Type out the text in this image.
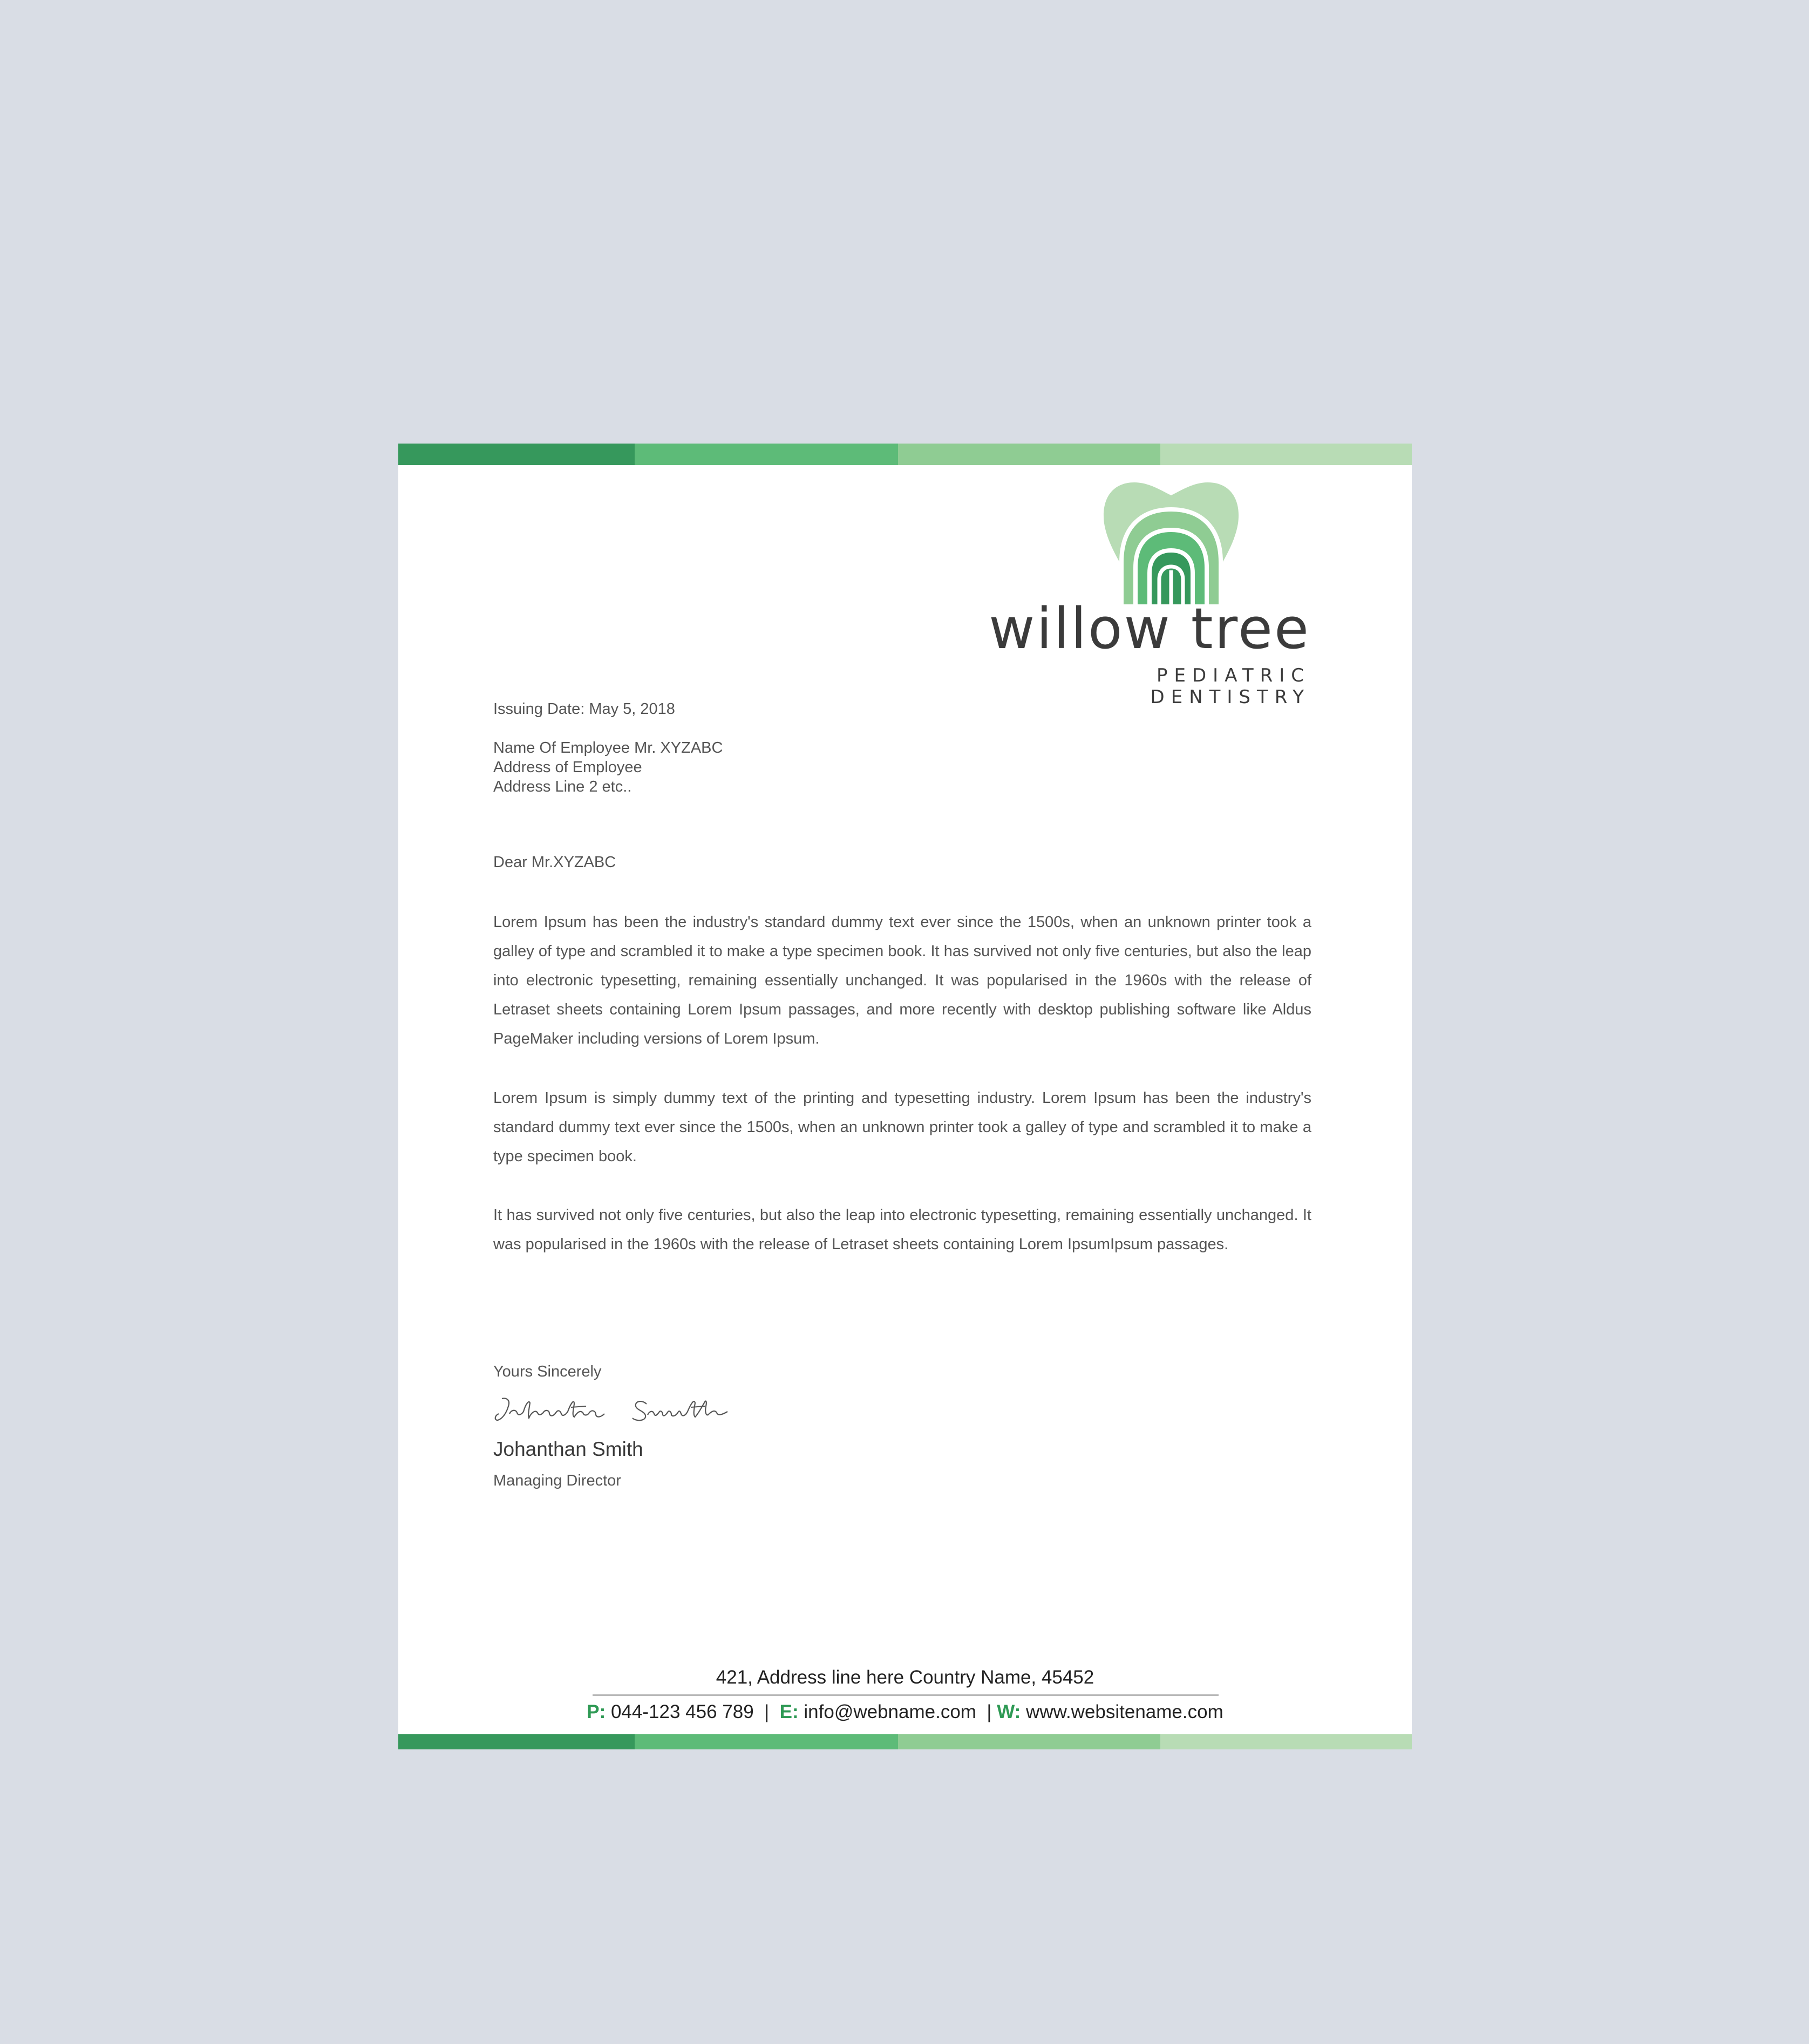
willow tree
PEDIATRIC DENTISTRY
Issuing Date: May 5, 2018
Name Of Employee Mr. XYZABC
Address of Employee
Address Line 2 etc..
Dear Mr.XYZABC
Lorem Ipsum has been the industry's standard dummy text ever since the 1500s, when an unknown printer took a galley of type and scrambled it to make a type specimen book. It has survived not only five centuries, but also the leap into electronic typesetting, remaining essentially unchanged. It was popularised in the 1960s with the release of Letraset sheets containing Lorem Ipsum passages, and more recently with desktop publishing software like Aldus PageMaker including versions of Lorem Ipsum.
Lorem Ipsum is simply dummy text of the printing and typesetting industry. Lorem Ipsum has been the industry's standard dummy text ever since the 1500s, when an unknown printer took a galley of type and scrambled it to make a type specimen book.
It has survived not only five centuries, but also the leap into electronic typesetting, remaining essentially unchanged. It was popularised in the 1960s with the release of Letraset sheets containing Lorem IpsumIpsum passages.
Yours Sincerely
Johanthan Smith
Managing Director
421, Address line here Country Name, 45452
P: 044-123 456 789 | E: info@webname.com | W: www.websitename.com
